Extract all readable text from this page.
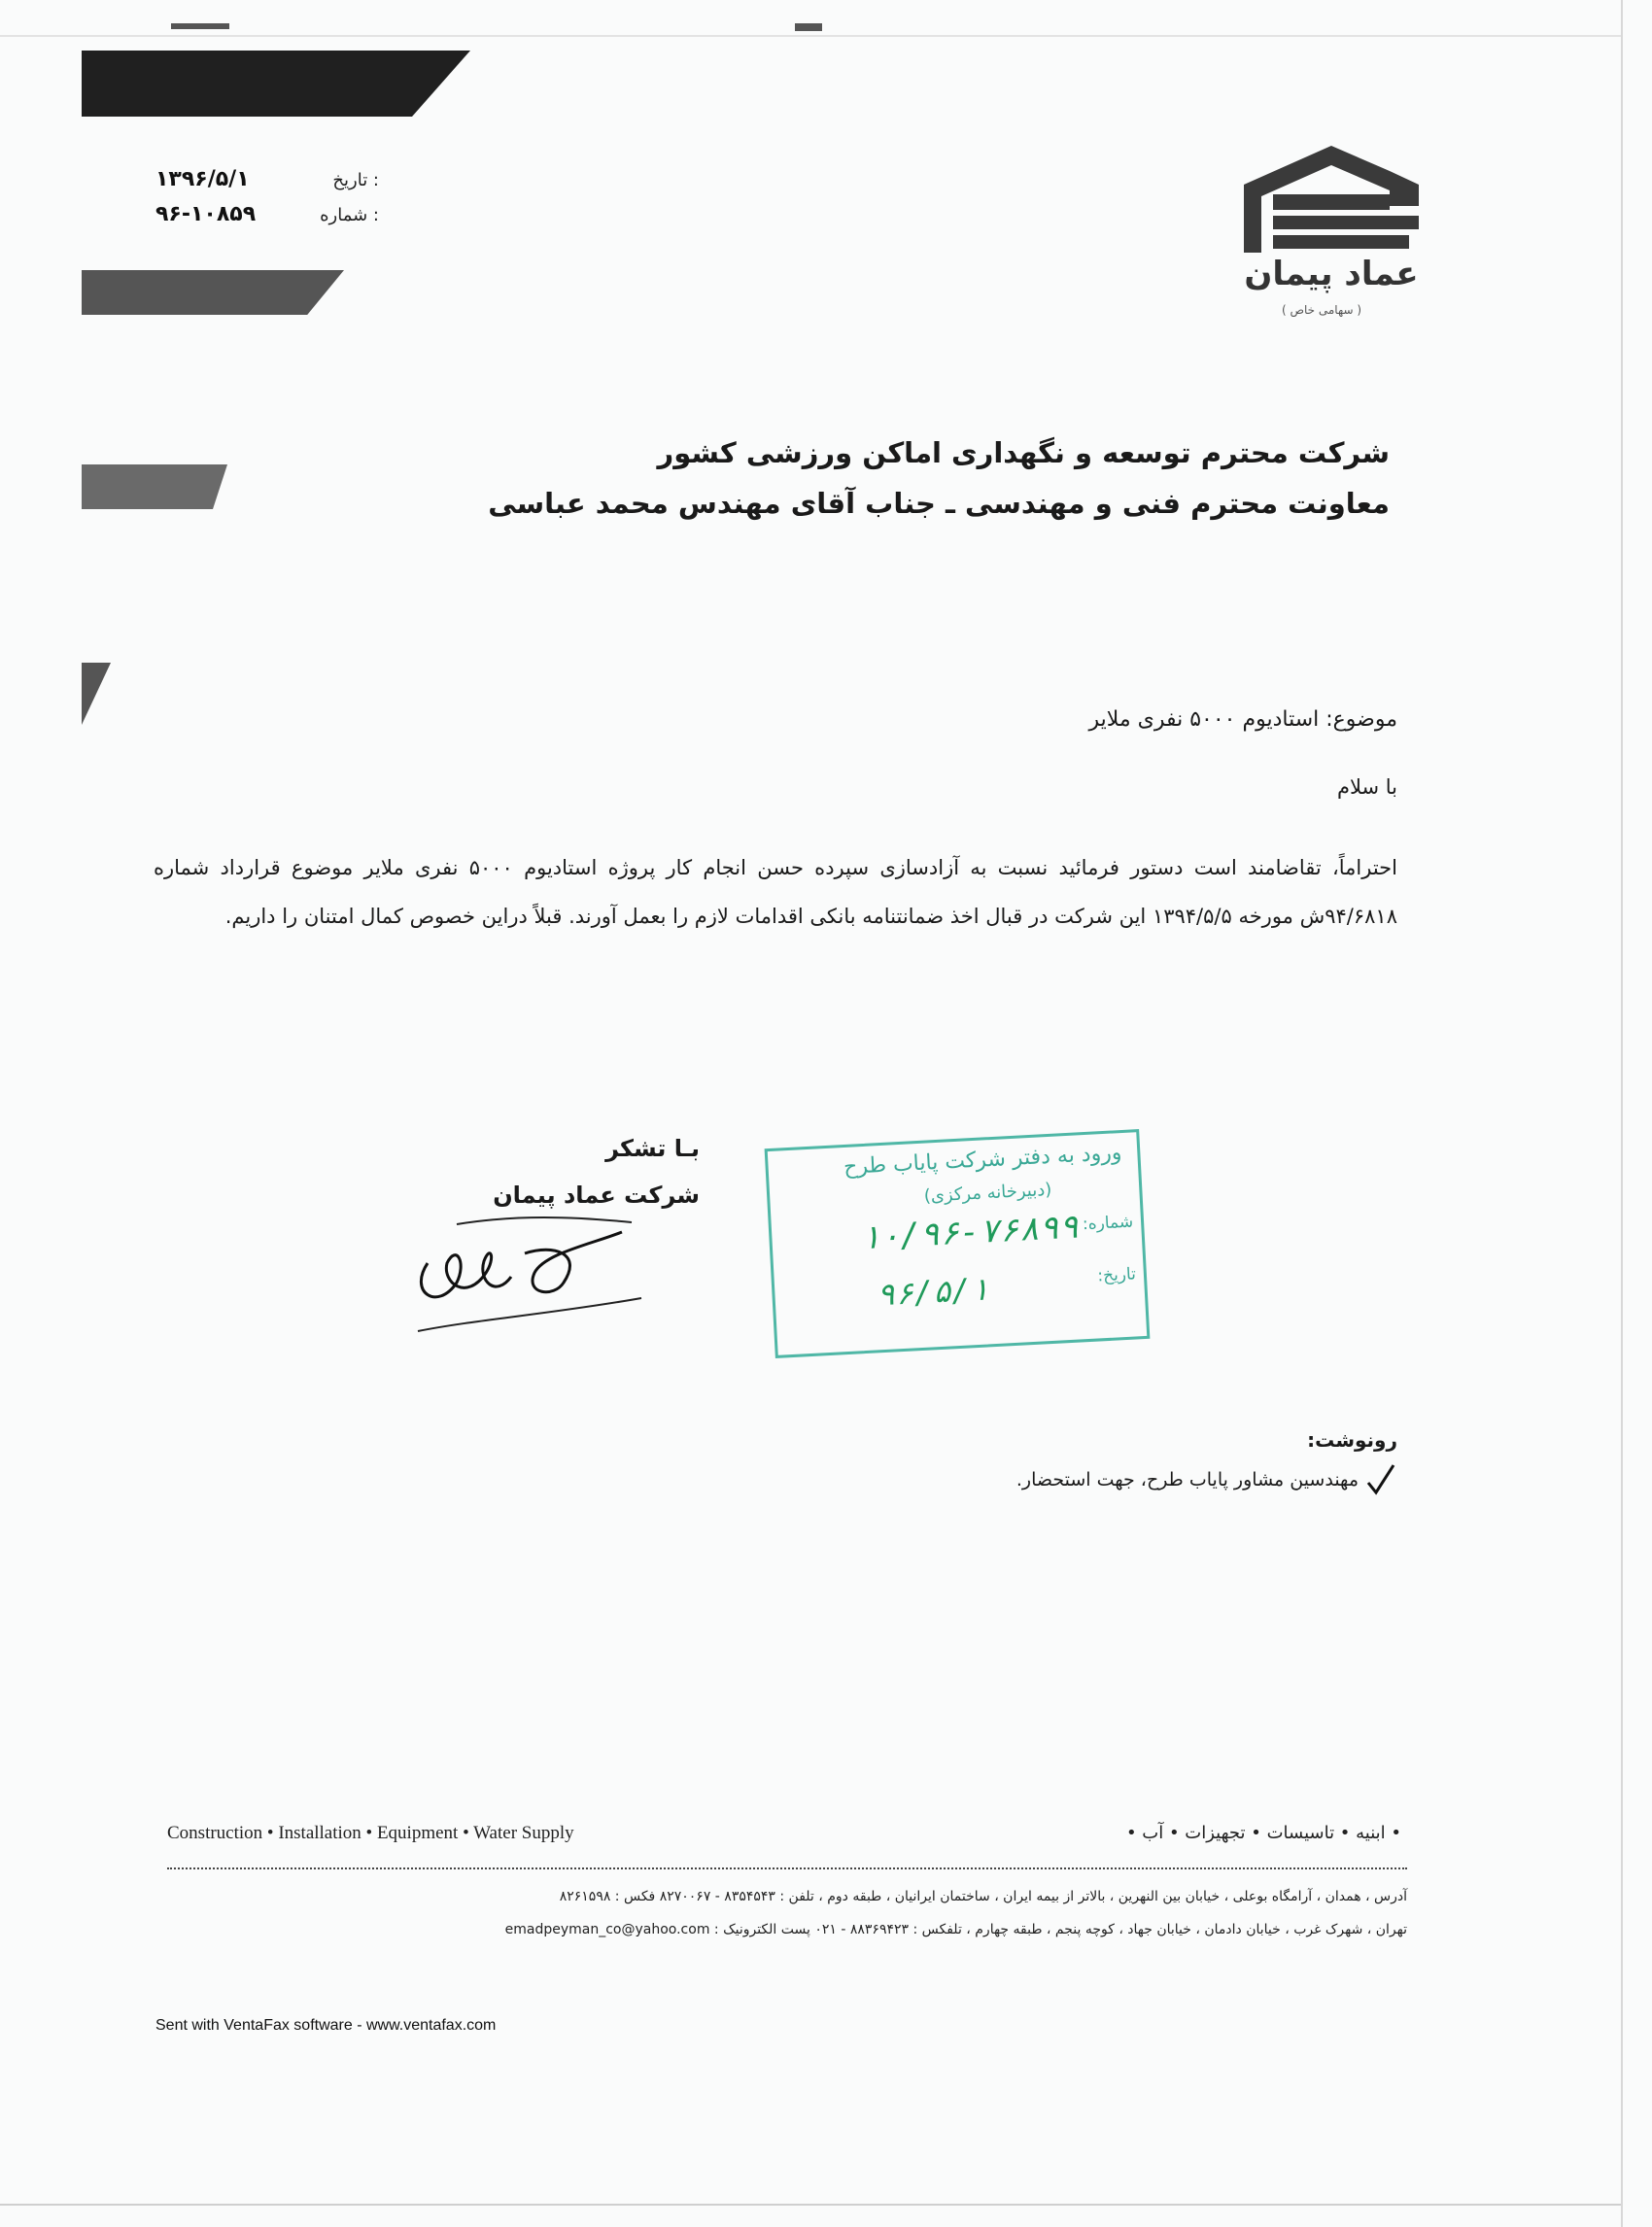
: تاریخ
۱۳۹۶/۵/۱
: شماره
۹۶-۱۰۸۵۹
عماد پیمان
( سهامی خاص )
شرکت محترم توسعه و نگهداری اماکن ورزشی کشور
معاونت محترم فنی و مهندسی ـ جناب آقای مهندس محمد عباسی
موضوع: استادیوم ۵۰۰۰ نفری ملایر
با سلام
احتراماً، تقاضامند است دستور فرمائید نسبت به آزادسازی سپرده حسن انجام کار پروژه استادیوم ۵۰۰۰ نفری ملایر موضوع قرارداد شماره ۹۴/۶۸۱۸ش مورخه ۱۳۹۴/۵/۵ این شرکت در قبال اخذ ضمانتنامه بانکی اقدامات لازم را بعمل آورند. قبلاً دراین خصوص کمال امتنان را داریم.
بـا تشکر
شرکت عماد پیمان
ورود به دفتر شرکت پایاب طرح
(دبیرخانه مرکزی)
شماره:
۱۰/۹۶-۷۶۸۹۹
تاریخ:
۹۶/۵/۱
رونوشت:
مهندسین مشاور پایاب طرح، جهت استحضار.
Construction • Installation • Equipment • Water Supply	• ابنیه • تاسیسات • تجهیزات • آب •
آدرس ، همدان ، آرامگاه بوعلی ، خیابان بین النهرین ، بالاتر از بیمه ایران ، ساختمان ایرانیان ، طبقه دوم ، تلفن : ۸۳۵۴۵۴۳ - ۸۲۷۰۰۶۷ فکس : ۸۲۶۱۵۹۸
تهران ، شهرک غرب ، خیابان دادمان ، خیابان جهاد ، کوچه پنجم ، طبقه چهارم ، تلفکس : ۸۸۳۶۹۴۲۳ - ۰۲۱ پست الکترونیک : emadpeyman_co@yahoo.com
Sent with VentaFax software - www.ventafax.com
